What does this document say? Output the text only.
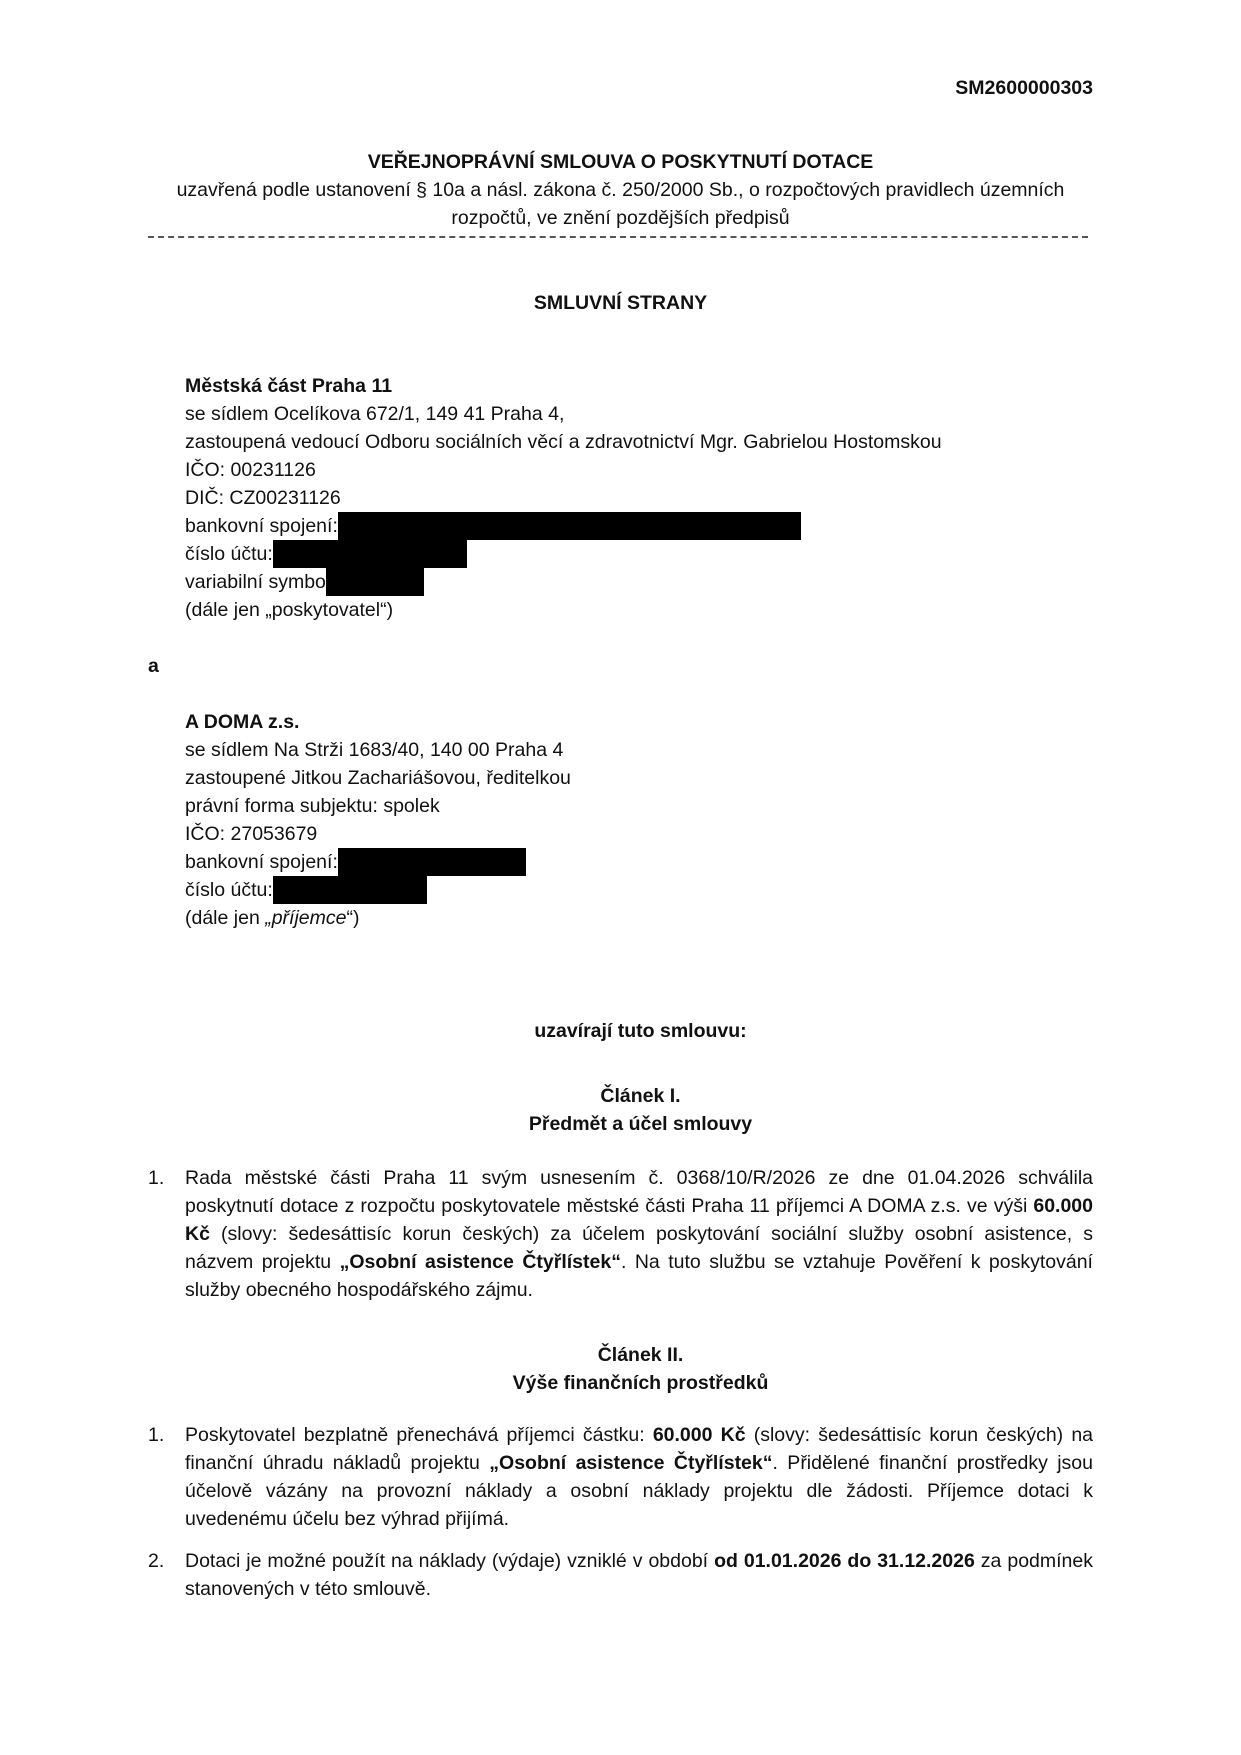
SM2600000303
VEŘEJNOPRÁVNÍ SMLOUVA O POSKYTNUTÍ DOTACE
uzavřená podle ustanovení § 10a a násl. zákona č. 250/2000 Sb., o rozpočtových pravidlech územních
rozpočtů, ve znění pozdějších předpisů
SMLUVNÍ STRANY
Městská část Praha 11
se sídlem Ocelíkova 672/1, 149 41 Praha 4,
zastoupená vedoucí Odboru sociálních věcí a zdravotnictví Mgr. Gabrielou Hostomskou
IČO: 00231126
DIČ: CZ00231126
bankovní spojení:
číslo účtu:
variabilní symbo
(dále jen „poskytovatel“)
a
A DOMA z.s.
se sídlem Na Strži 1683/40, 140 00 Praha 4
zastoupené Jitkou Zachariášovou, ředitelkou
právní forma subjektu: spolek
IČO: 27053679
bankovní spojení:
číslo účtu:
(dále jen „příjemce“)
uzavírají tuto smlouvu:
Článek I.
Předmět a účel smlouvy
1. Rada městské části Praha 11 svým usnesením č. 0368/10/R/2026 ze dne 01.04.2026 schválila poskytnutí dotace z rozpočtu poskytovatele městské části Praha 11 příjemci A DOMA z.s. ve výši 60.000 Kč (slovy: šedesáttisíc korun českých) za účelem poskytování sociální služby osobní asistence, s názvem projektu „Osobní asistence Čtyřlístek“. Na tuto službu se vztahuje Pověření k poskytování služby obecného hospodářského zájmu.
Článek II.
Výše finančních prostředků
1. Poskytovatel bezplatně přenechává příjemci částku: 60.000 Kč (slovy: šedesáttisíc korun českých) na finanční úhradu nákladů projektu „Osobní asistence Čtyřlístek“. Přidělené finanční prostředky jsou účelově vázány na provozní náklady a osobní náklady projektu dle žádosti. Příjemce dotaci k uvedenému účelu bez výhrad přijímá.
2. Dotaci je možné použít na náklady (výdaje) vzniklé v období od 01.01.2026 do 31.12.2026 za podmínek stanovených v této smlouvě.
